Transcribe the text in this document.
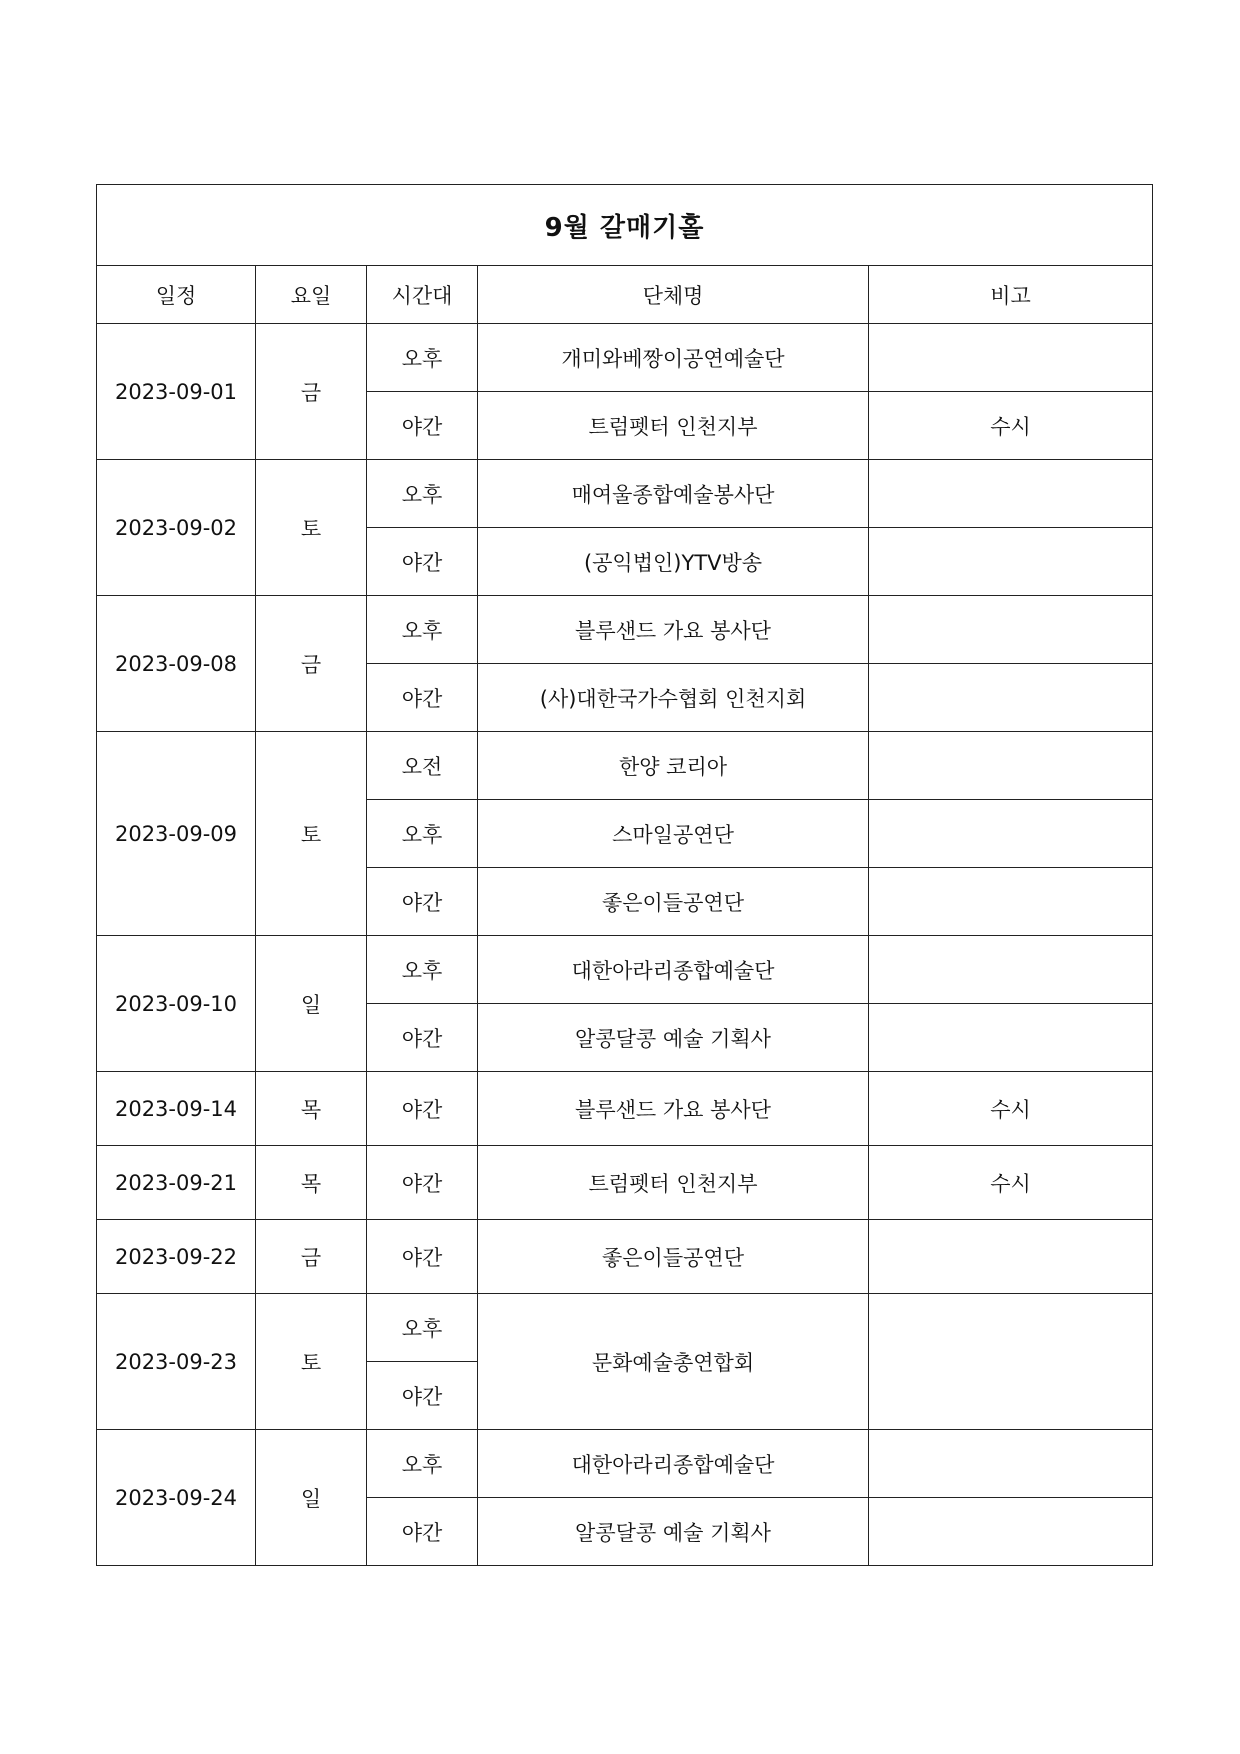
9월 갈매기홀				
일정	요일	시간대	단체명	비고
2023-09-01	금	오후	개미와베짱이공연예술단	
		야간	트럼펫터 인천지부	수시
2023-09-02	토	오후	매여울종합예술봉사단	
		야간	(공익법인)YTV방송	
2023-09-08	금	오후	블루샌드 가요 봉사단	
		야간	(사)대한국가수협회 인천지회	
2023-09-09	토	오전	한양 코리아	
		오후	스마일공연단	
		야간	좋은이들공연단	
2023-09-10	일	오후	대한아라리종합예술단	
		야간	알콩달콩 예술 기획사	
2023-09-14	목	야간	블루샌드 가요 봉사단	수시
2023-09-21	목	야간	트럼펫터 인천지부	수시
2023-09-22	금	야간	좋은이들공연단	
2023-09-23	토	오후	문화예술총연합회	
		야간		
2023-09-24	일	오후	대한아라리종합예술단	
		야간	알콩달콩 예술 기획사	
